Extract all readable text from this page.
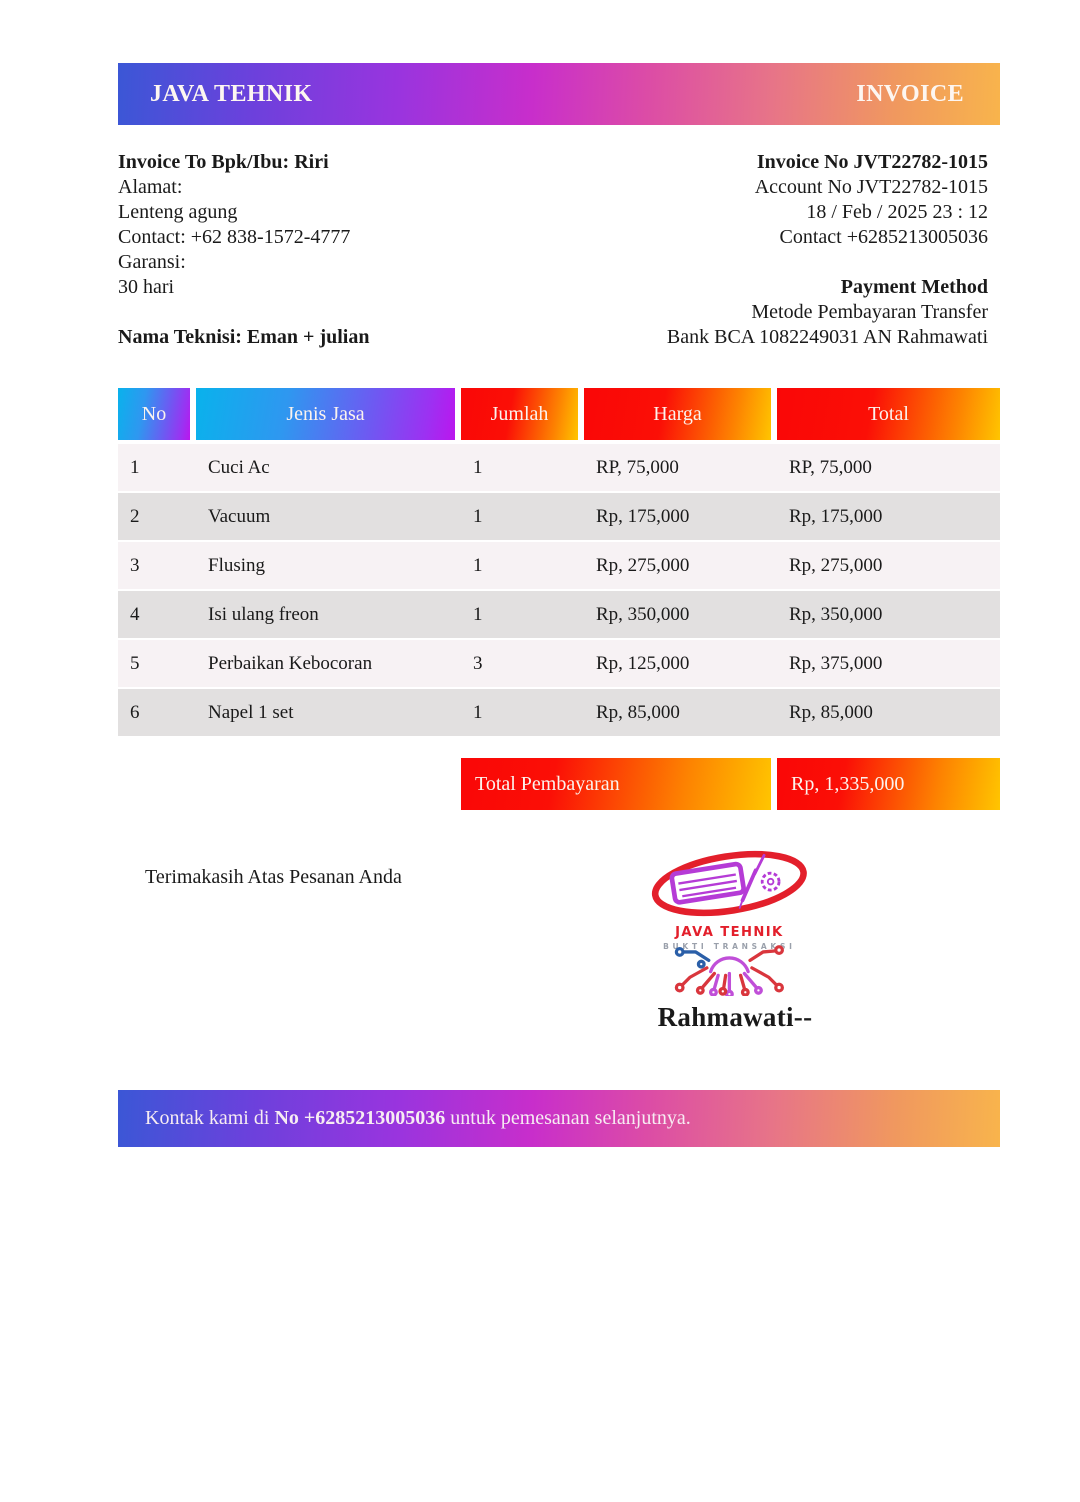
JAVA TEHNIK	INVOICE
Invoice To Bpk/Ibu: Riri
Alamat:
Lenteng agung
Contact: +62 838-1572-4777
Garansi:
30 hari
Nama Teknisi: Eman + julian
Invoice No JVT22782-1015
Account No JVT22782-1015
18 / Feb / 2025 23 : 12
Contact +6285213005036
Payment Method
Metode Pembayaran Transfer
Bank BCA 1082249031 AN Rahmawati
No	Jenis Jasa	Jumlah	Harga	Total
1	Cuci Ac	1	RP, 75,000	RP, 75,000
2	Vacuum	1	Rp, 175,000	Rp, 175,000
3	Flusing	1	Rp, 275,000	Rp, 275,000
4	Isi ulang freon	1	Rp, 350,000	Rp, 350,000
5	Perbaikan Kebocoran	3	Rp, 125,000	Rp, 375,000
6	Napel 1 set	1	Rp, 85,000	Rp, 85,000
Total Pembayaran	Rp, 1,335,000
Terimakasih Atas Pesanan Anda
JAVA TEHNIK
BUKTI TRANSAKSI
Rahmawati--
Kontak kami di No +6285213005036 untuk pemesanan selanjutnya.
